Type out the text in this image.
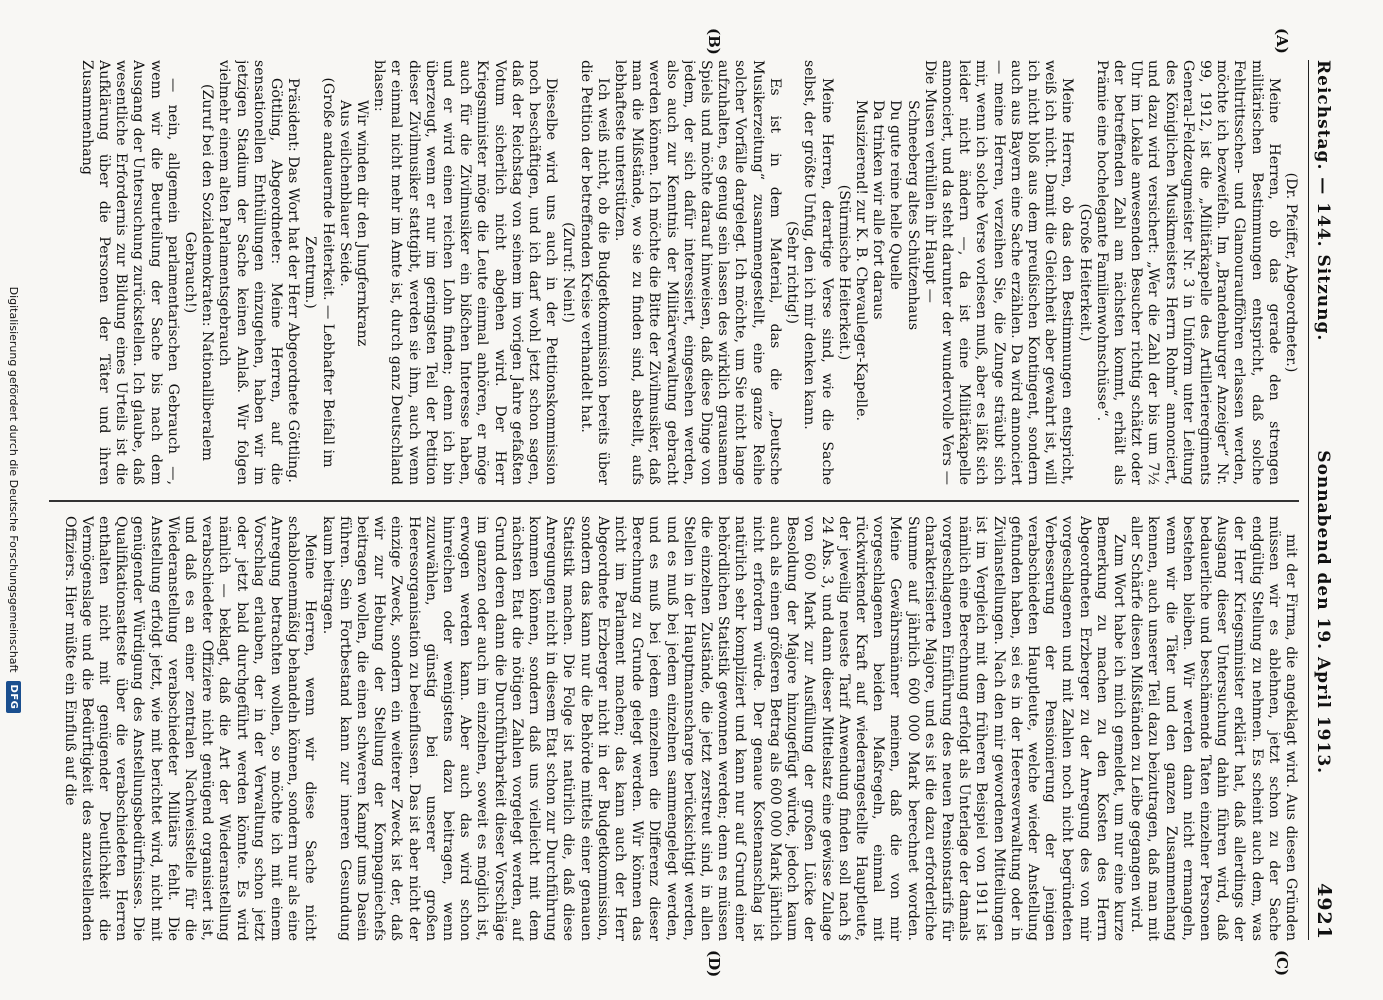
Reichstag. — 144. Sitzung.
Sonnabend den 19. April 1913.
4921
(A)
(B)
(C)
(D)

(Dr. Pfeiffer, Abgeordneter.)

Meine Herren, ob das gerade den strengen militärischen Bestimmungen entspricht, daß solche Fehltrittsschen- und Glamouraufföhren erlassen werden, möchte ich bezweifeln. Im „Brandenburger Anzeiger“ Nr. 99, 1912, ist die „Militärkapelle des Artillerieregiments General-Feldzeugmeister Nr. 3 in Uniform unter Leitung des Königlichen Musikmeisters Herrn Rohm“ annonciert, und dazu wird versichert: „Wer die Zahl der bis um 7½ Uhr im Lokale anwesenden Besucher richtig schätzt oder der betreffenden Zahl am nächsten kommt, erhält als Prämie eine hochelegante Familienwohnschüsse“.

(Große Heiterkeit.)

Meine Herren, ob das den Bestimmungen entspricht, weiß ich nicht. Damit die Gleichheit aber gewahrt ist, will ich nicht bloß aus dem preußischen Kontingent, sondern auch aus Bayern eine Sache erzählen. Da wird annonciert — meine Herren, verzeihen Sie, die Zunge sträubt sich mir, wenn ich solche Verse vorlesen muß, aber es läßt sich leider nicht ändern —, da ist eine Militärkapelle annonciert, und da steht darunter der wundervolle Vers — Die Musen verhüllen ihr Haupt —

Schneeberg altes Schützenhaus

Du gute reine helle Quelle

Da trinken wir alle fort daraus

Musizierend! zur K. B. Chevauleger-Kapelle.

(Stürmische Heiterkeit.)

Meine Herren, derartige Verse sind, wie die Sache selbst, der größte Unfug, den ich mir denken kann.

(Sehr richtig!)

Es ist in dem Material, das die „Deutsche Musikerzeitung“ zusammengestellt, eine ganze Reihe solcher Vorfälle dargelegt. Ich möchte, um Sie nicht lange aufzuhalten, es genug sein lassen des wirklich grausamen Spiels und möchte darauf hinweisen, daß diese Dinge von jedem, der sich dafür interessiert, eingesehen werden, also auch zur Kenntnis der Militärverwaltung gebracht werden können. Ich möchte die Bitte der Zivilmusiker, daß man die Mißstände, wo sie zu finden sind, abstellt, aufs lebhafteste unterstützen.

Ich weiß nicht, ob die Budgetkommission bereits über die Petition der betreffenden Kreise verhandelt hat.

(Zuruf: Nein!)

Dieselbe wird uns auch in der Petitionskommission noch beschäftigen, und ich darf wohl jetzt schon sagen, daß der Reichstag von seinem im vorigen Jahre gefaßten Votum sicherlich nicht abgehen wird. Der Herr Kriegsminister möge die Leute einmal anhören, er möge auch für die Zivilmusiker ein bißchen Interesse haben, und er wird einen reichen Lohn finden; denn ich bin überzeugt, wenn er nur im geringsten Teil der Petition dieser Zivilmusiker stattgibt, werden sie ihm, auch wenn er einmal nicht mehr im Amte ist, durch ganz Deutschland blasen:

Wir winden dir den Jungfernkranz

Aus veilchenblauer Seide.

(Große andauernde Heiterkeit. — Lebhafter Beifall im Zentrum.)

Präsident: Das Wort hat der Herr Abgeordnete Göttling.

Göttling, Abgeordneter: Meine Herren, auf die sensationellen Enthüllungen einzugehen, haben wir im jetzigen Stadium der Sache keinen Anlaß. Wir folgen vielmehr einem alten Parlamentsgebrauch

(Zuruf bei den Sozialdemokraten: Nationalliberalem Gebrauch!)

— nein, allgemein parlamentarischen Gebrauch —, wenn wir die Beurteilung der Sache bis nach dem Ausgang der Untersuchung zurückstellen. Ich glaube, daß wesentliche Erfordernis zur Bildung eines Urteils ist die Aufklärung über die Personen der Täter und ihren Zusammenhang

mit der Firma, die angeklagt wird. Aus diesen Gründen müssen wir es ablehnen, jetzt schon zu der Sache endgültig Stellung zu nehmen. Es scheint auch dem, was der Herr Kriegsminister erklärt hat, daß allerdings der Ausgang dieser Untersuchung dahin führen wird, daß bedauerliche und beschämende Taten einzelner Personen bestehen bleiben. Wir werden dann nicht ermangeln, wenn wir die Täter und den ganzen Zusammenhang kennen, auch unserer Teil dazu beizutragen, daß man mit aller Schärfe diesen Mißständen zu Leibe gegangen wird.

Zum Wort habe ich mich gemeldet, um nur eine kurze Bemerkung zu machen zu den Kosten des Herrn Abgeordneten Erzberger zu der Anregung des von mir vorgeschlagenen und mit Zahlen noch nicht begründeten Verbesserung der Pensionierung der jenigen verabschiedeten Hauptleute, welche wieder Anstellung gefunden haben, sei es in der Heeresverwaltung oder in Zivilanstellungen. Nach den mir gewordenen Mitteilungen ist im Vergleich mit dem früheren Beispiel von 1911 ist nämlich eine Berechnung erfolgt als Unterlage der damals vorgeschlagenen Einführung des neuen Pensionstarifs für charakterisierte Majore, und es ist die dazu erforderliche Summe auf jährlich 600 000 Mark berechnet worden. Meine Gewährsmänner meinen, daß die von mir vorgeschlagenen beiden Maßregeln, einmal mit rückwirkender Kraft auf wiederangestellte Hauptleute, der jeweilig neueste Tarif Anwendung finden soll nach § 24 Abs. 3, und dann dieser Mittelsatz eine gewisse Zulage von 600 Mark zur Ausfüllung der großen Lücke der Besoldung der Majore hinzugefügt würde, jedoch kaum auch als einen größeren Betrag als 600 000 Mark jährlich nicht erfordern würde. Der genaue Kostenanschlag ist natürlich sehr kompliziert und kann nur auf Grund einer behördlichen Statistik gewonnen werden; denn es müssen die einzelnen Zustände, die jetzt zerstreut sind, in allen Stellen in der Hauptmannscharge berücksichtigt werden, und es muß bei jedem einzelnen sammengelegt werden, und es muß bei jedem einzelnen die Differenz dieser Berechnung zu Grunde gelegt werden. Wir können das nicht im Parlament machen; das kann auch der Herr Abgeordnete Erzberger nicht in der Budgetkommission, sondern das kann nur die Behörde mittels einer genauen Statistik machen. Die Folge ist natürlich die, daß diese Anregungen nicht in diesem Etat schon zur Durchführung kommen können, sondern daß uns vielleicht mit dem nächsten Etat die nötigen Zahlen vorgelegt werden, auf Grund deren dann die Durchführbarkeit dieser Vorschläge im ganzen oder auch im einzelnen, soweit es möglich ist, erwogen werden kann. Aber auch das wird schon hinreichen oder wenigstens dazu beitragen, wenn zuzuwählen, günstig bei unserer großen Heeresorganisation zu beeinflussen. Das ist aber nicht der einzige Zweck, sondern ein weiterer Zweck ist der, daß wir zur Hebung der Stellung der Kompagniechefs beitragen wollen, die einen schweren Kampf ums Dasein führen. Sein Fortbestand kann zur inneren Gesundung kaum beitragen.

Meine Herren, wenn wir diese Sache nicht schablonenmäßig behandeln können, sondern nur als eine Anregung betrachten wollen, so möchte ich mit einem Vorschlag erlauben, der in der Verwaltung schon jetzt oder jetzt bald durchgeführt werden könnte. Es wird nämlich — beklagt, daß die Art der Wiederanstellung verabschiedeter Offiziere nicht genügend organisiert ist, und daß es an einer zentralen Nachweisstelle für die Wiederanstellung verabschiedeter Militärs fehlt. Die Anstellung erfolgt jetzt, wie mit berichtet wird, nicht mit genügender Würdigung des Anstellungsbedürfnisses. Die Qualifikationsatteste über die verabschiedeten Herren enthalten nicht mit genügender Deutlichkeit die Vermögenslage und die Bedürftigkeit des anzustellenden Offiziers. Hier müßte ein Einfluß auf die

Digitalisierung gefördert durch die Deutsche Forschungsgemeinschaft
DFG
